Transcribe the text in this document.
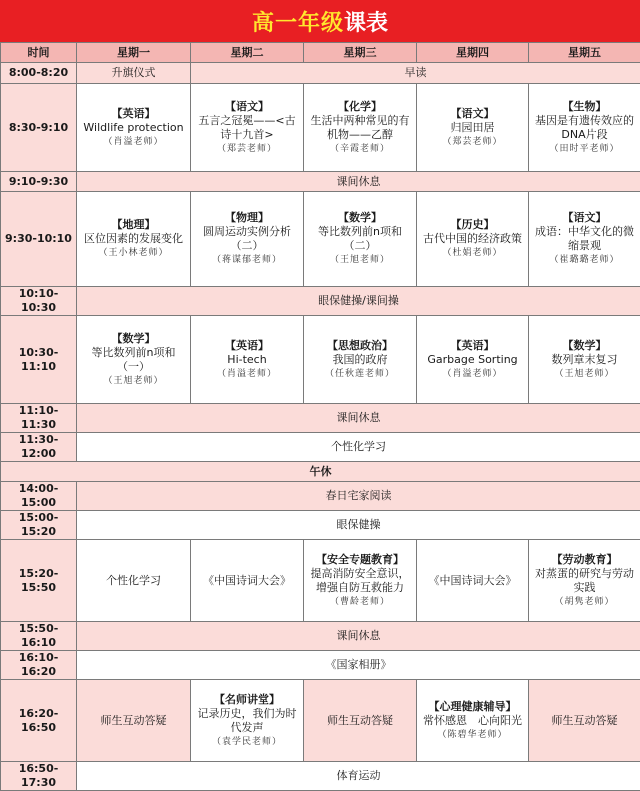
高一年级 课表
时间	星期一	星期二	星期三	星期四	星期五
8:00-8:20	升旗仪式	早读			
8:30-9:10	【英语】
Wildlife protection
（肖溢老师）	【语文】
五言之冠冕——<古诗十九首>
（郑芸老师）	【化学】
生活中两种常见的有机物——乙醇
（辛霞老师）	【语文】
归园田居
（郑芸老师）	【生物】
基因是有遗传效应的DNA片段
（田时平老师）

9:10-9:30	课间休息				
9:30-10:10	【地理】
区位因素的发展变化
（王小林老师）	【物理】
圆周运动实例分析（二）
（蒋谋郁老师）	【数学】
等比数列前n项和（二）
（王旭老师）	【历史】
古代中国的经济政策
（杜娟老师）	【语文】
成语：中华文化的微缩景观
（崔璐璐老师）

10:10-10:30	眼保健操/课间操				
10:30-11:10	【数学】
等比数列前n项和（一）
（王旭老师）	【英语】
Hi-tech
（肖溢老师）	【思想政治】
我国的政府
（任秋莲老师）	【英语】
Garbage Sorting
（肖溢老师）	【数学】
数列章末复习
（王旭老师）

11:10-11:30	课间休息				
11:30-12:00	个性化学习				
午休					
14:00-15:00	春日宅家阅读				
15:00-15:20	眼保健操				
15:20-15:50	个性化学习	《中国诗词大会》	【安全专题教育】
提高消防安全意识，增强自防互救能力
（曹龄老师）	《中国诗词大会》	【劳动教育】
对蒸蛋的研究与劳动实践
（胡隽老师）

15:50-16:10	课间休息				
16:10-16:20	《国家相册》				
16:20-16:50	师生互动答疑	【名师讲堂】
记录历史，我们为时代发声
（袁学民老师）	师生互动答疑	【心理健康辅导】
常怀感恩　心向阳光
（陈碧华老师）	师生互动答疑

16:50-17:30	体育运动				
